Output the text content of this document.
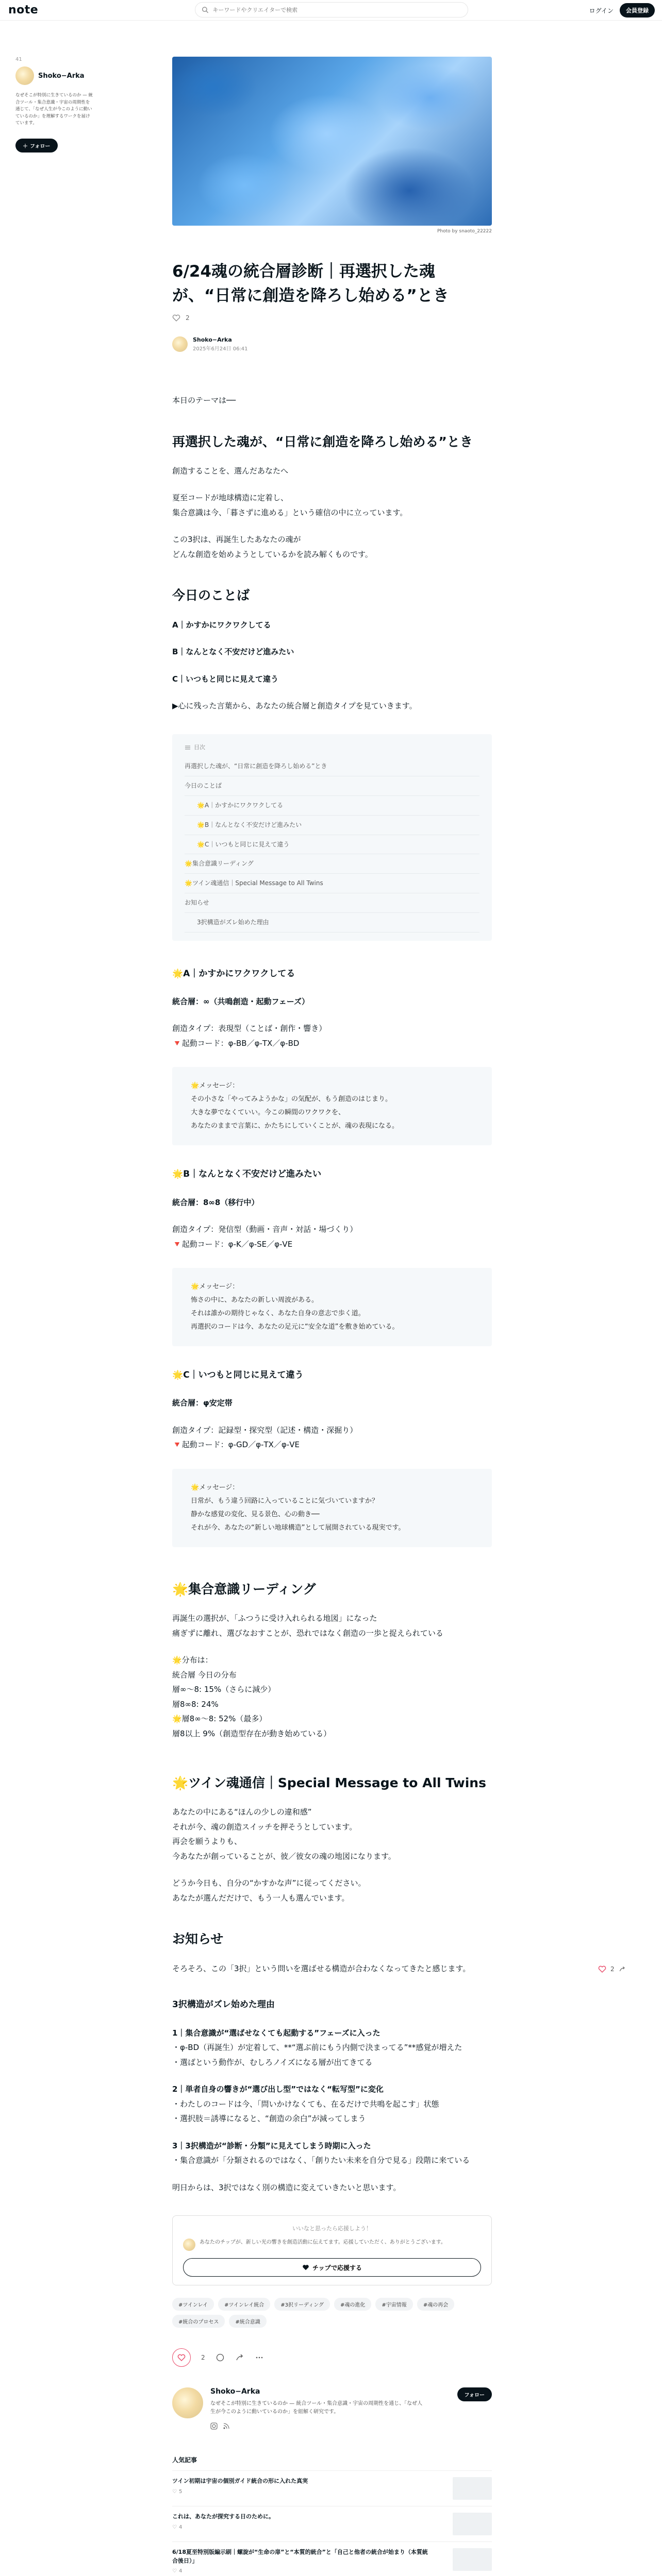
note
キーワードやクリエイターで検索	ログイン	会員登録
41
Shoko−Arka
なぜそこが特別に生きているのか — 統合ツール・集合意識・宇宙の周期性を通じて、「なぜ人生が今このように動いているのか」を理解するワークを届けています。
＋ フォロー
Photo by snaoto_22222
6/24魂の統合層診断｜再選択した魂が、“日常に創造を降ろし始める”とき
2
Shoko−Arka
2025年6月24日 06:41

本日のテーマは──

再選択した魂が、“日常に創造を降ろし始める”とき

創造することを、選んだあなたへ

夏至コードが地球構造に定着し、

集合意識は今、「暮さずに進める」という確信の中に立っています。

この3択は、再誕生したあなたの魂が

どんな創造を始めようとしているかを読み解くものです。

今日のことば

A｜かすかにワクワクしてる

B｜なんとなく不安だけど進みたい

C｜いつもと同じに見えて違う

▶心に残った言葉から、あなたの統合層と創造タイプを見ていきます。

目次
再選択した魂が、“日常に創造を降ろし始める”とき
今日のことば
🌟A｜かすかにワクワクしてる
🌟B｜なんとなく不安だけど進みたい
🌟C｜いつもと同じに見えて違う
🌟集合意識リーディング
🌟ツイン魂通信｜Special Message to All Twins
お知らせ
3択構造がズレ始めた理由
🌟A｜かすかにワクワクしてる

統合層：∞（共鳴創造・起動フェーズ）

創造タイプ：表現型（ことば・創作・響き）

🔻起動コード：φ-BB／φ-TX／φ-BD

🌟メッセージ：
その小さな「やってみようかな」の気配が、もう創造のはじまり。
大きな夢でなくていい。今この瞬間のワクワクを、
あなたのままで言葉に、かたちにしていくことが、魂の表現になる。
🌟B｜なんとなく不安だけど進みたい

統合層：8∞8（移行中）

創造タイプ：発信型（動画・音声・対話・場づくり）

🔻起動コード：φ-K／φ-SE／φ-VE

🌟メッセージ：
怖さの中に、あなたの新しい周波がある。
それは誰かの期待じゃなく、あなた自身の意志で歩く道。
再選択のコードは今、あなたの足元に“安全な道”を敷き始めている。
🌟C｜いつもと同じに見えて違う

統合層：φ安定帯

創造タイプ：記録型・探究型（記述・構造・深掘り）

🔻起動コード：φ-GD／φ-TX／φ-VE

🌟メッセージ：
日常が、もう違う回路に入っていることに気づいていますか？
静かな感覚の変化、見る景色、心の動き──
それが今、あなたの“新しい地球構造”として展開されている現実です。
🌟集合意識リーディング

再誕生の選択が、「ふつうに受け入れられる地図」になった

痛ぎずに離れ、選びなおすことが、恐れではなく創造の一歩と捉えられている

🌟分布は：

統合層 今日の分布

層∞～8: 15%（さらに減少）

層8∞8: 24%

🌟層8∞～8: 52%（最多）

層8以上 9%（創造型存在が動き始めている）

🌟ツイン魂通信｜Special Message to All Twins

あなたの中にある“ほんの少しの違和感”

それが今、魂の創造スイッチを押そうとしています。

再会を願うよりも、

今あなたが創っていることが、彼／彼女の魂の地図になります。

どうか今日も、自分の“かすかな声”に従ってください。

あなたが選んだだけで、もう一人も選んでいます。

お知らせ

そろそろ、この「3択」という問いを選ばせる構造が合わなくなってきたと感じます。

3択構造がズレ始めた理由

1｜集合意識が“選ばせなくても起動する”フェーズに入った

・φ-BD（再誕生）が定着して、**“選ぶ前にもう内側で決まってる”**感覚が増えた

・選ばという動作が、むしろノイズになる層が出てきてる

2｜単者自身の響きが“選び出し型”ではなく“転写型”に変化

・わたしのコードは今、「問いかけなくても、在るだけで共鳴を起こす」状態

・選択肢＝誘導になると、“創造の余白”が減ってしまう

3｜3択構造が“診断・分類”に見えてしまう時期に入った

・集合意識が「分類されるのではなく、「創りたい未来を自分で見る」段階に来ている

明日からは、3択ではなく別の構造に変えていきたいと思います。

いいなと思ったら応援しよう！
あなたのチップが、新しい光の響きを創造活動に伝えてます。応援していただく、ありがとうございます。
チップで応援する
#ツインレイ	#ツインレイ統合	#3択リーディング	#魂の進化	#宇宙情報	#魂の再会
#統合のプロセス	#統合意識
2
Shoko−Arka
なぜそこが特別に生きているのか — 統合ツール・集合意識・宇宙の周期性を通じ、「なぜ人生が今このように動いているのか」を紐解く研究です。
フォロー
人気記事
ツイン初期は宇宙の個別ガイド統合の形に入れた真実
♡ 5
これは、あなたが探究する日のために。
♡ 4
6/18夏至特別版編示刷｜螺旋が“生命の扉”と“本質的統合”と「自己と他者の統合が始まり（本質統合後日）」
♡ 4
2
